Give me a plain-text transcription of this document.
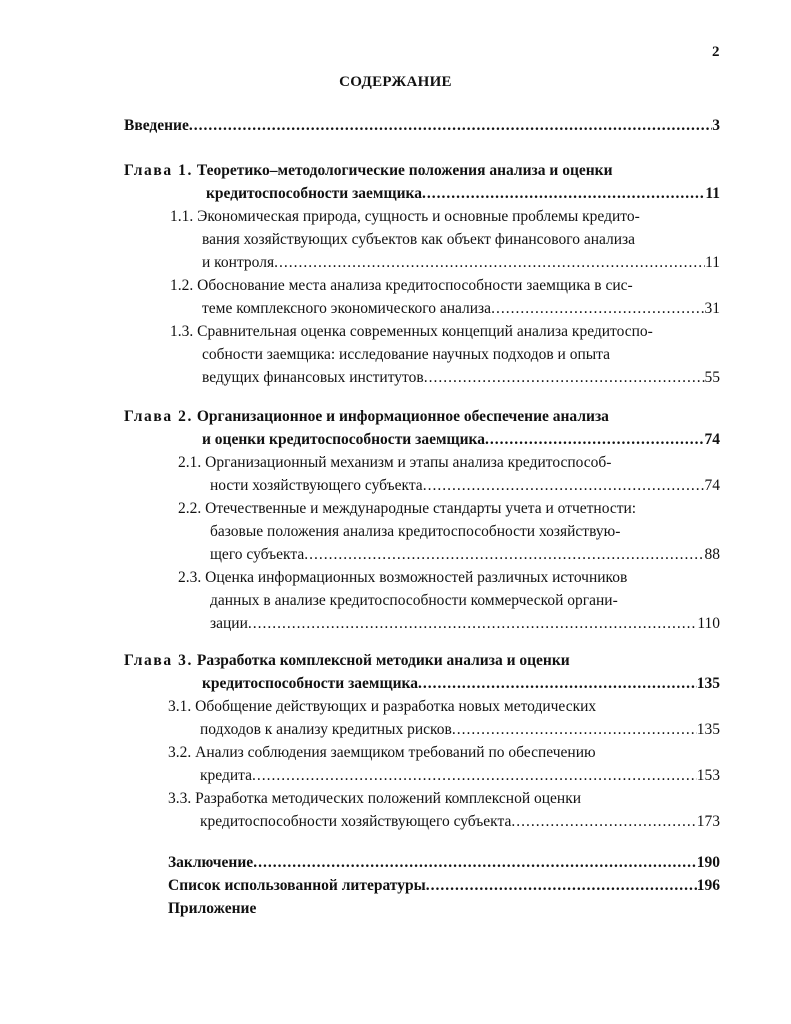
2
СОДЕРЖАНИЕ
Введение .....	3
Глава 1.
Теоретико–методологические положения анализа и оценки
кредитоспособности заемщика .....	11
1.1.
Экономическая природа, сущность и основные проблемы кредито-
вания хозяйствующих субъектов как объект финансового анализа
и контроля .....	11
1.2.
Обоснование места анализа кредитоспособности заемщика в сис-
теме комплексного экономического анализа .....	31
1.3.
Сравнительная оценка современных концепций анализа кредитоспо-
собности заемщика: исследование научных подходов и опыта
ведущих финансовых институтов .....	55
Глава 2.
Организационное и информационное обеспечение анализа
и оценки кредитоспособности заемщика .....	74
2.1.
Организационный механизм и этапы анализа кредитоспособ-
ности хозяйствующего субъекта .....	74
2.2.
Отечественные и международные стандарты учета и отчетности:
базовые положения анализа кредитоспособности хозяйствую-
щего субъекта .....	88
2.3.
Оценка информационных возможностей различных источников
данных в анализе кредитоспособности коммерческой органи-
зации .....	110
Глава 3.
Разработка комплексной методики анализа и оценки
кредитоспособности заемщика .....	135
3.1.
Обобщение действующих и разработка новых методических
подходов к анализу кредитных рисков .....	135
3.2.
Анализ соблюдения заемщиком требований по обеспечению
кредита .....	153
3.3.
Разработка методических положений комплексной оценки
кредитоспособности хозяйствующего субъекта .....	173
Заключение .....	190
Список использованной литературы .....	196
Приложение
